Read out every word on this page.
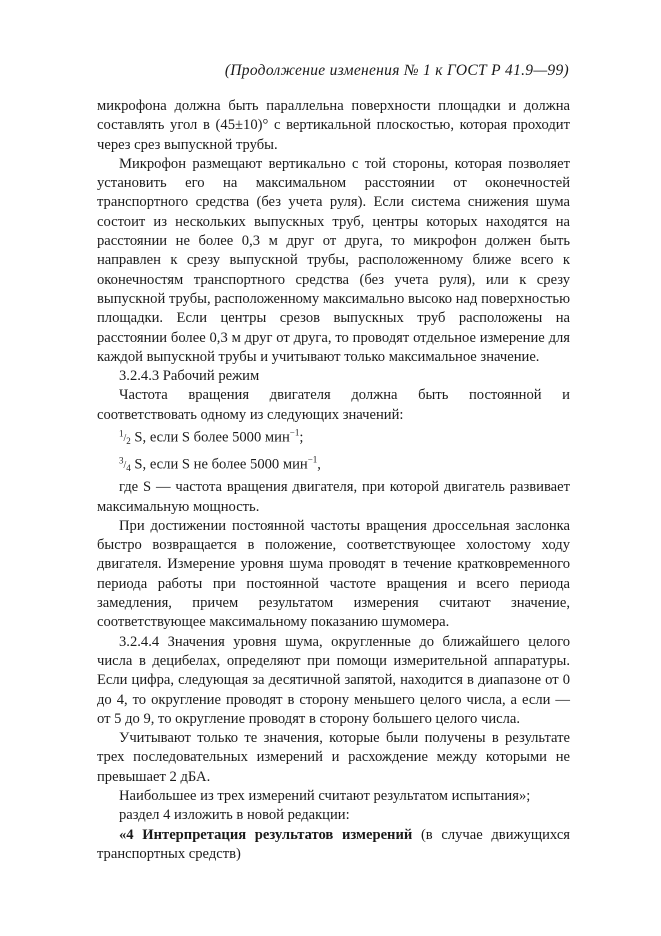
(Продолжение изменения № 1 к ГОСТ Р 41.9—99)

микрофона должна быть параллельна поверхности площадки и должна составлять угол в (45±10)° с вертикальной плоскостью, которая проходит через срез выпускной трубы.

Микрофон размещают вертикально с той стороны, которая позволяет установить его на максимальном расстоянии от оконечностей транспортного средства (без учета руля). Если система снижения шума состоит из нескольких выпускных труб, центры которых находятся на расстоянии не более 0,3 м друг от друга, то микрофон должен быть направлен к срезу выпускной трубы, расположенному ближе всего к оконечностям транспортного средства (без учета руля), или к срезу выпускной трубы, расположенному максимально высоко над поверхностью площадки. Если центры срезов выпускных труб расположены на расстоянии более 0,3 м друг от друга, то проводят отдельное измерение для каждой выпускной трубы и учитывают только максимальное значение.

3.2.4.3 Рабочий режим

Частота вращения двигателя должна быть постоянной и соответствовать одному из следующих значений:

$^1/_2$ S, если S более 5000 мин$^{-1}$;

$^3/_4$ S, если S не более 5000 мин$^{-1}$,

где S — частота вращения двигателя, при которой двигатель развивает максимальную мощность.

При достижении постоянной частоты вращения дроссельная заслонка быстро возвращается в положение, соответствующее холостому ходу двигателя. Измерение уровня шума проводят в течение кратковременного периода работы при постоянной частоте вращения и всего периода замедления, причем результатом измерения считают значение, соответствующее максимальному показанию шумомера.

3.2.4.4 Значения уровня шума, округленные до ближайшего целого числа в децибелах, определяют при помощи измерительной аппаратуры. Если цифра, следующая за десятичной запятой, находится в диапазоне от 0 до 4, то округление проводят в сторону меньшего целого числа, а если — от 5 до 9, то округление проводят в сторону большего целого числа.

Учитывают только те значения, которые были получены в результате трех последовательных измерений и расхождение между которыми не превышает 2 дБА.

Наибольшее из трех измерений считают результатом испытания»;

раздел 4 изложить в новой редакции:

«4 Интерпретация результатов измерений (в случае движущихся транспортных средств)
